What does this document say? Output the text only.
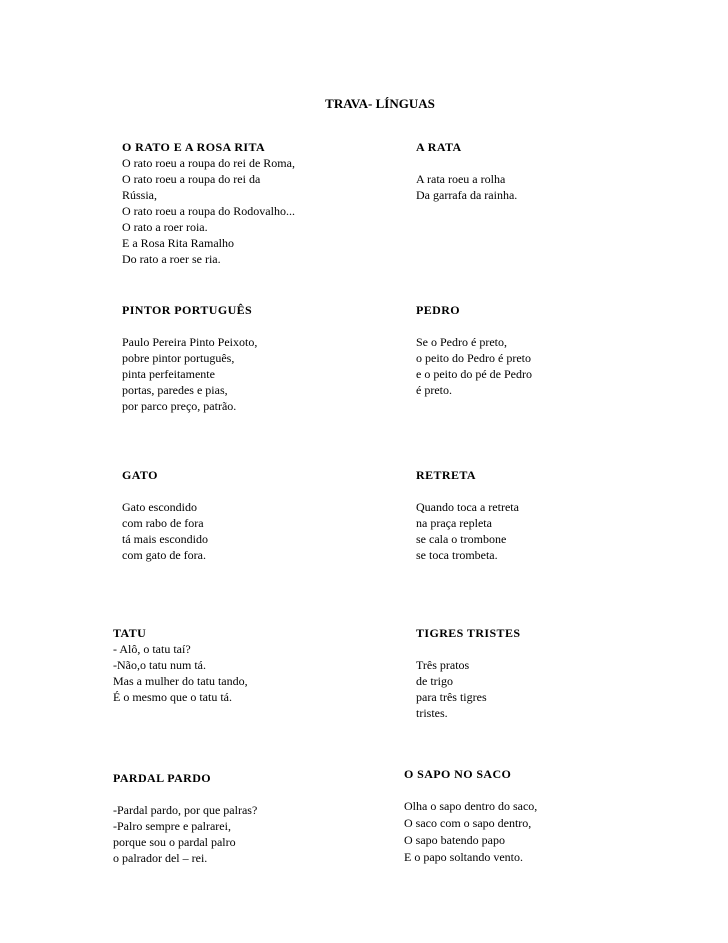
TRAVA- LÍNGUAS
O RATO E A ROSA RITA
O rato roeu a roupa do rei de Roma,
O rato roeu a roupa do rei da
Rússia,
O rato roeu a roupa do Rodovalho...
O rato a roer roia.
E a Rosa Rita Ramalho
Do rato a roer se ria.
A RATA
A rata roeu a rolha
Da garrafa da rainha.
PINTOR PORTUGUÊS
Paulo Pereira Pinto Peixoto,
pobre pintor português,
pinta perfeitamente
portas, paredes e pias,
por parco preço, patrão.
PEDRO
Se o Pedro é preto,
o peito do Pedro é preto
e o peito do pé de Pedro
é preto.
GATO
Gato escondido
com rabo de fora
tá mais escondido
com gato de fora.
RETRETA
Quando toca a retreta
na praça repleta
se cala o trombone
se toca trombeta.
TATU
- Alô, o tatu taí?
-Não,o tatu num tá.
Mas a mulher do tatu tando,
É o mesmo que o tatu tá.
TIGRES TRISTES
Três pratos
de trigo
para três tigres
tristes.
PARDAL PARDO
-Pardal pardo, por que palras?
-Palro sempre e palrarei,
porque sou o pardal palro
o palrador del – rei.
O SAPO NO SACO
Olha o sapo dentro do saco,
O saco com o sapo dentro,
O sapo batendo papo
E o papo soltando vento.
